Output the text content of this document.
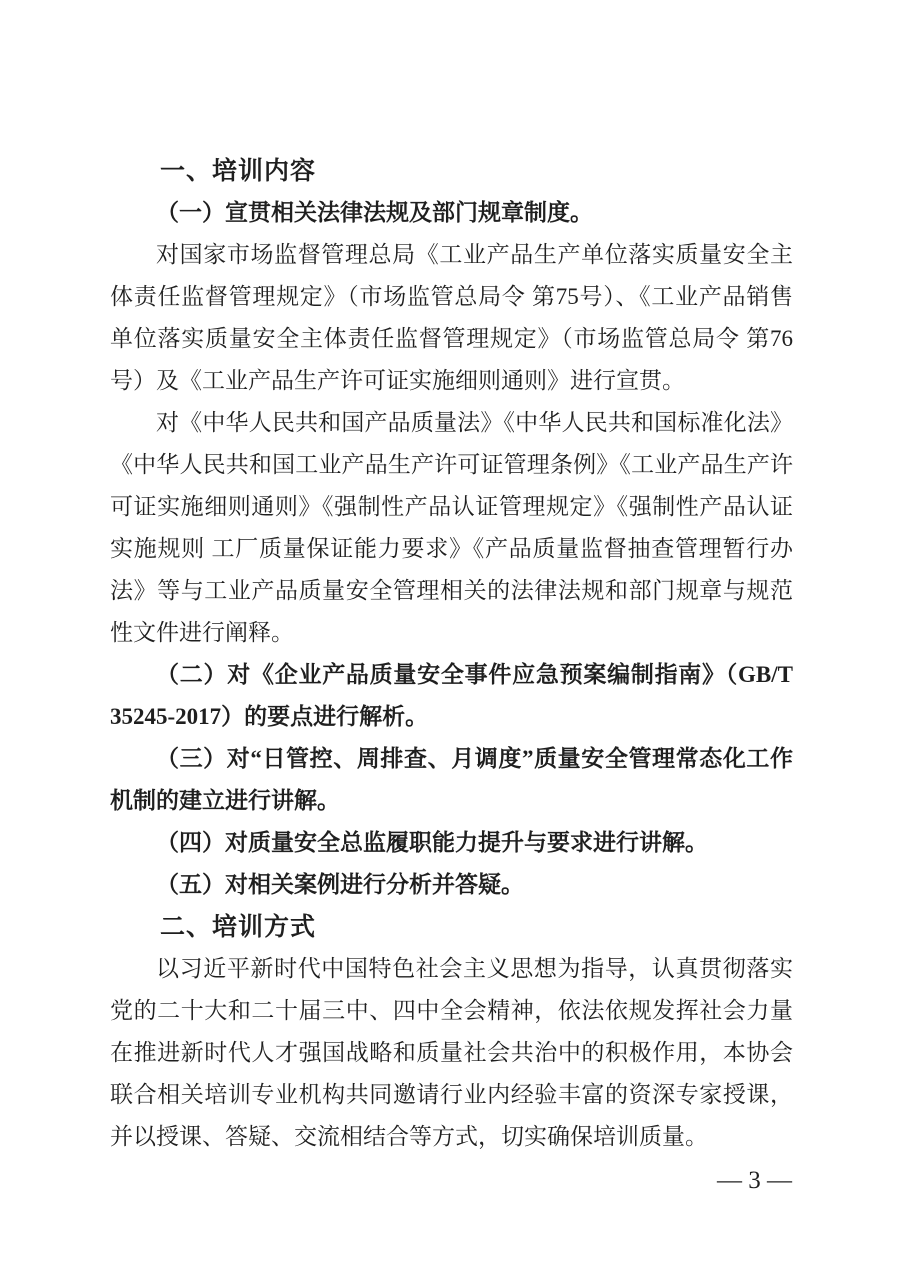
一、培训内容
（一）宣贯相关法律法规及部门规章制度。

对国家市场监督管理总局《工业产品生产单位落实质量安全主体责任监督管理规定》（市场监管总局令 第75号）、《工业产品销售单位落实质量安全主体责任监督管理规定》（市场监管总局令 第76号）及《工业产品生产许可证实施细则通则》进行宣贯。

对《中华人民共和国产品质量法》《中华人民共和国标准化法》《中华人民共和国工业产品生产许可证管理条例》《工业产品生产许可证实施细则通则》《强制性产品认证管理规定》《强制性产品认证实施规则 工厂质量保证能力要求》《产品质量监督抽查管理暂行办法》等与工业产品质量安全管理相关的法律法规和部门规章与规范性文件进行阐释。

（二）对《企业产品质量安全事件应急预案编制指南》（GB/T 35245-2017）的要点进行解析。
（三）对“日管控、周排查、月调度”质量安全管理常态化工作机制的建立进行讲解。
（四）对质量安全总监履职能力提升与要求进行讲解。
（五）对相关案例进行分析并答疑。
二、培训方式

以习近平新时代中国特色社会主义思想为指导，认真贯彻落实党的二十大和二十届三中、四中全会精神，依法依规发挥社会力量在推进新时代人才强国战略和质量社会共治中的积极作用，本协会联合相关培训专业机构共同邀请行业内经验丰富的资深专家授课，并以授课、答疑、交流相结合等方式，切实确保培训质量。

— 3 —
